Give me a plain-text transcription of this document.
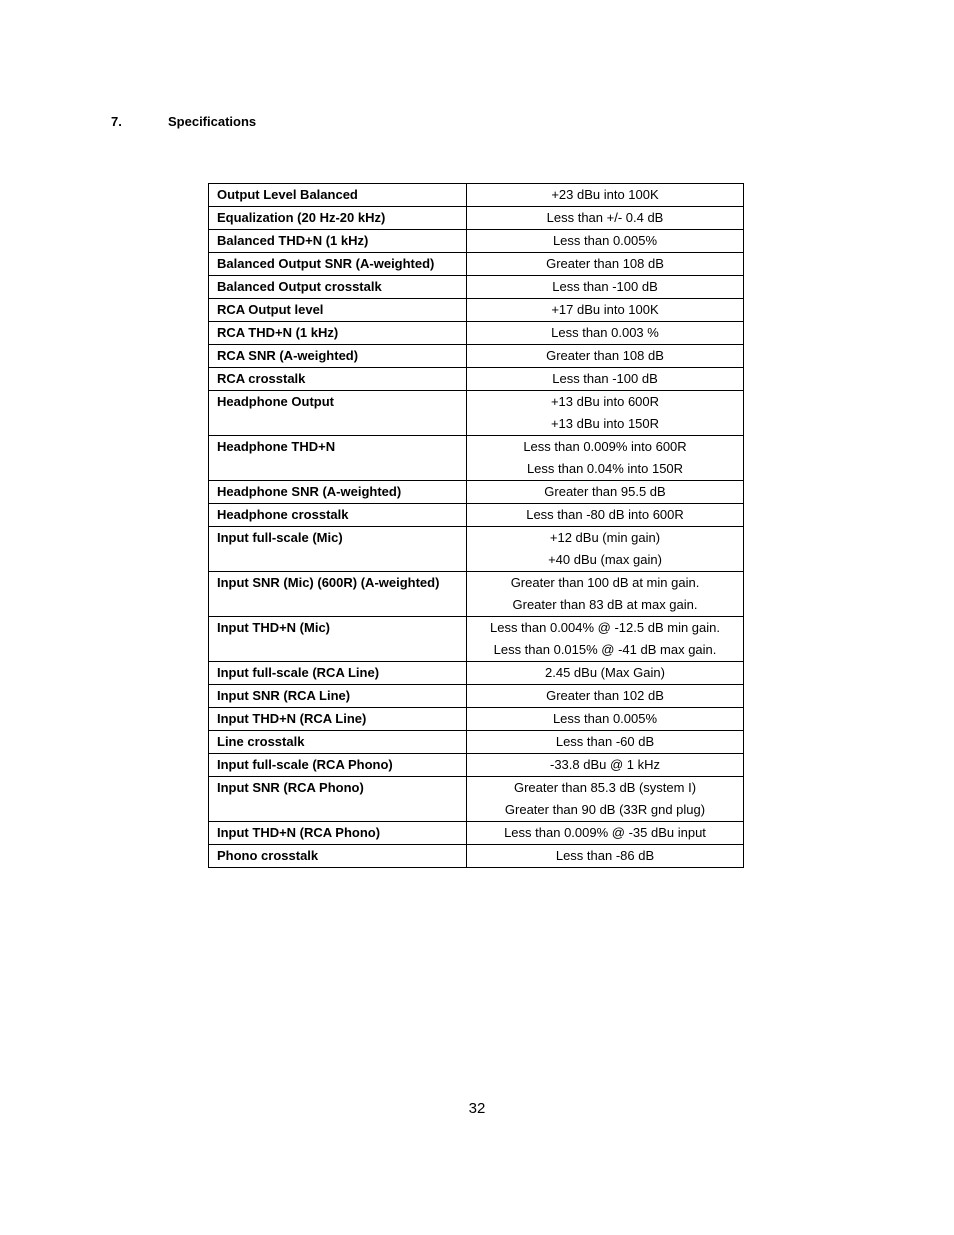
7.	Specifications
Output Level Balanced	+23 dBu into 100K

Equalization (20 Hz-20 kHz)	Less than +/- 0.4 dB

Balanced THD+N (1 kHz)	Less than 0.005%

Balanced Output SNR (A-weighted)	Greater than 108 dB

Balanced Output crosstalk	Less than -100 dB

RCA Output level	+17 dBu into 100K

RCA THD+N (1 kHz)	Less than 0.003 %

RCA SNR (A-weighted)	Greater than 108 dB

RCA crosstalk	Less than -100 dB

Headphone Output	+13 dBu into 600R
+13 dBu into 150R

Headphone THD+N	Less than 0.009% into 600R
Less than 0.04% into 150R

Headphone SNR (A-weighted)	Greater than 95.5 dB

Headphone crosstalk	Less than -80 dB into 600R

Input full-scale (Mic)	+12 dBu (min gain)
+40 dBu (max gain)

Input SNR (Mic) (600R) (A-weighted)	Greater than 100 dB at min gain.
Greater than 83 dB at max gain.

Input THD+N (Mic)	Less than 0.004% @ -12.5 dB min gain.
Less than 0.015% @ -41 dB max gain.

Input full-scale (RCA Line)	2.45 dBu (Max Gain)

Input SNR (RCA Line)	Greater than 102 dB

Input THD+N (RCA Line)	Less than 0.005%

Line crosstalk	Less than -60 dB

Input full-scale (RCA Phono)	-33.8 dBu @ 1 kHz

Input SNR (RCA Phono)	Greater than 85.3 dB (system I)
Greater than 90 dB (33R gnd plug)

Input THD+N (RCA Phono)	Less than 0.009% @ -35 dBu input

Phono crosstalk	Less than -86 dB
32
